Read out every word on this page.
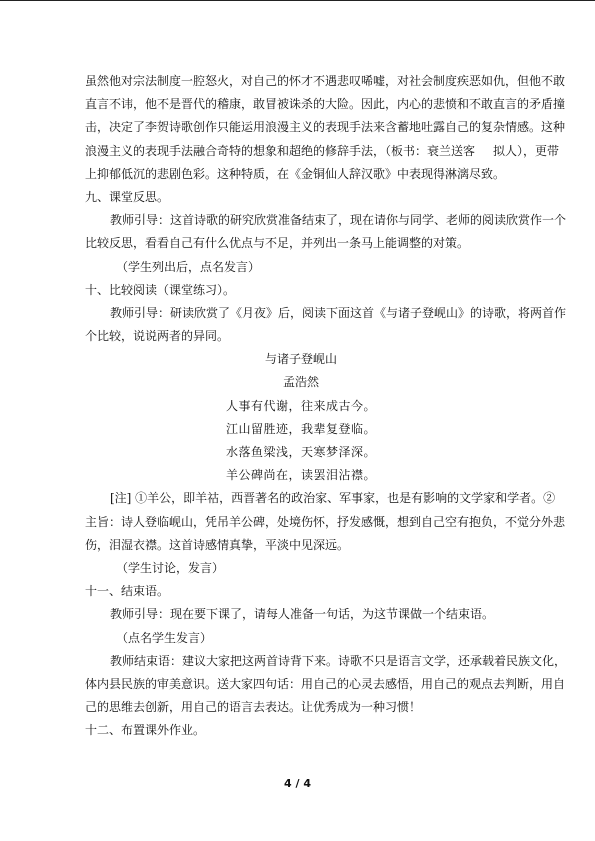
虽然他对宗法制度一腔怒火，对自己的怀才不遇悲叹唏嘘，对社会制度疾恶如仇，但他不敢
直言不讳，他不是晋代的稽康，敢冒被诛杀的大险。因此，内心的悲愤和不敢直言的矛盾撞
击，决定了李贺诗歌创作只能运用浪漫主义的表现手法来含蓄地吐露自己的复杂情感。这种
浪漫主义的表现手法融合奇特的想象和超绝的修辞手法，（板书：衰兰送客 拟人），更带
上抑郁低沉的悲剧色彩。这种特质，在《金铜仙人辞汉歌》中表现得淋漓尽致。
九、课堂反思。
教师引导：这首诗歌的研究欣赏准备结束了，现在请你与同学、老师的阅读欣赏作一个
比较反思，看看自己有什么优点与不足，并列出一条马上能调整的对策。
（学生列出后，点名发言）
十、比较阅读（课堂练习）。
教师引导：研读欣赏了《月夜》后，阅读下面这首《与诸子登岘山》的诗歌，将两首作
个比较，说说两者的异同。
与诸子登岘山
孟浩然
人事有代谢，往来成古今。
江山留胜迹，我辈复登临。
水落鱼梁浅，天寒梦泽深。
羊公碑尚在，读罢泪沾襟。
[注] ①羊公，即羊祜，西晋著名的政治家、军事家，也是有影响的文学家和学者。②
主旨：诗人登临岘山，凭吊羊公碑，处境伤怀，抒发感慨，想到自己空有抱负，不觉分外悲
伤，泪湿衣襟。这首诗感情真挚，平淡中见深远。
（学生讨论，发言）
十一、结束语。
教师引导：现在要下课了，请每人准备一句话，为这节课做一个结束语。
（点名学生发言）
教师结束语：建议大家把这两首诗背下来。诗歌不只是语言文学，还承载着民族文化，
体内县民族的审美意识。送大家四句话：用自己的心灵去感悟，用自己的观点去判断，用自
己的思维去创新，用自己的语言去表达。让优秀成为一种习惯！
十二、布置课外作业。
4 / 4
